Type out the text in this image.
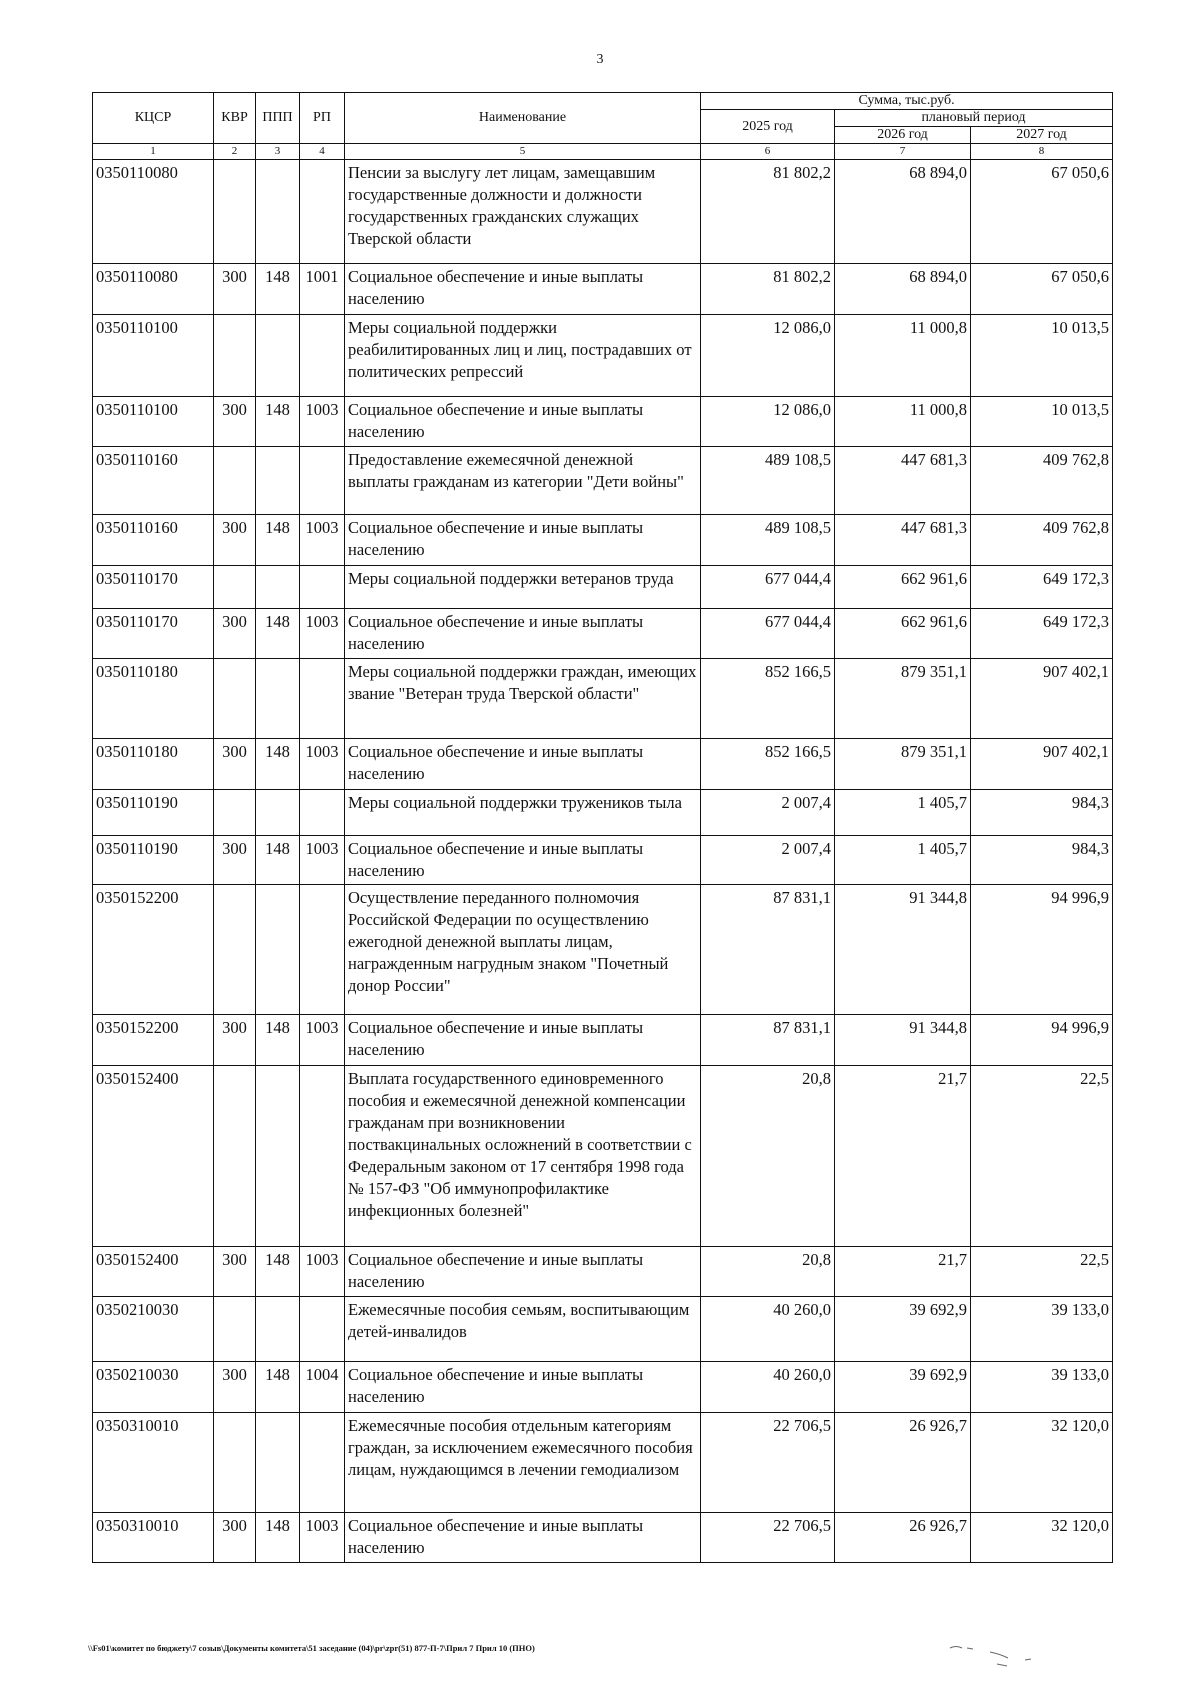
3
КЦСР	КВР	ППП	РП	Наименование	Сумма, тыс.руб.		
					2025 год	плановый период	
						2026 год	2027 год
1	2	3	4	5	6	7	8
0350110080				Пенсии за выслугу лет лицам, замещавшим государственные должности и должности государственных гражданских служащих Тверской области	81 802,2	68 894,0	67 050,6
0350110080	300	148	1001	Социальное обеспечение и иные выплаты населению	81 802,2	68 894,0	67 050,6
0350110100				Меры социальной поддержки реабилитированных лиц и лиц, пострадавших от политических репрессий	12 086,0	11 000,8	10 013,5
0350110100	300	148	1003	Социальное обеспечение и иные выплаты населению	12 086,0	11 000,8	10 013,5
0350110160				Предоставление ежемесячной денежной выплаты гражданам из категории "Дети войны"	489 108,5	447 681,3	409 762,8
0350110160	300	148	1003	Социальное обеспечение и иные выплаты населению	489 108,5	447 681,3	409 762,8
0350110170				Меры социальной поддержки ветеранов труда	677 044,4	662 961,6	649 172,3
0350110170	300	148	1003	Социальное обеспечение и иные выплаты населению	677 044,4	662 961,6	649 172,3
0350110180				Меры социальной поддержки граждан, имеющих звание "Ветеран труда Тверской области"	852 166,5	879 351,1	907 402,1
0350110180	300	148	1003	Социальное обеспечение и иные выплаты населению	852 166,5	879 351,1	907 402,1
0350110190				Меры социальной поддержки тружеников тыла	2 007,4	1 405,7	984,3
0350110190	300	148	1003	Социальное обеспечение и иные выплаты населению	2 007,4	1 405,7	984,3
0350152200				Осуществление переданного полномочия Российской Федерации по осуществлению ежегодной денежной выплаты лицам, награжденным нагрудным знаком "Почетный донор России"	87 831,1	91 344,8	94 996,9
0350152200	300	148	1003	Социальное обеспечение и иные выплаты населению	87 831,1	91 344,8	94 996,9
0350152400				Выплата государственного единовременного пособия и ежемесячной денежной компенсации гражданам при возникновении поствакцинальных осложнений в соответствии с Федеральным законом от 17 сентября 1998 года № 157-ФЗ "Об иммунопрофилактике инфекционных болезней"	20,8	21,7	22,5
0350152400	300	148	1003	Социальное обеспечение и иные выплаты населению	20,8	21,7	22,5
0350210030				Ежемесячные пособия семьям, воспитывающим детей-инвалидов	40 260,0	39 692,9	39 133,0
0350210030	300	148	1004	Социальное обеспечение и иные выплаты населению	40 260,0	39 692,9	39 133,0
0350310010				Ежемесячные пособия отдельным категориям граждан, за исключением ежемесячного пособия лицам, нуждающимся в лечении гемодиализом	22 706,5	26 926,7	32 120,0
0350310010	300	148	1003	Социальное обеспечение и иные выплаты населению	22 706,5	26 926,7	32 120,0
\\Fs01\комитет по бюджету\7 созыв\Документы комитета\51 заседание (04)\pr\zpr(51) 877-П-7\Прил 7 Прил 10 (ПНО)
